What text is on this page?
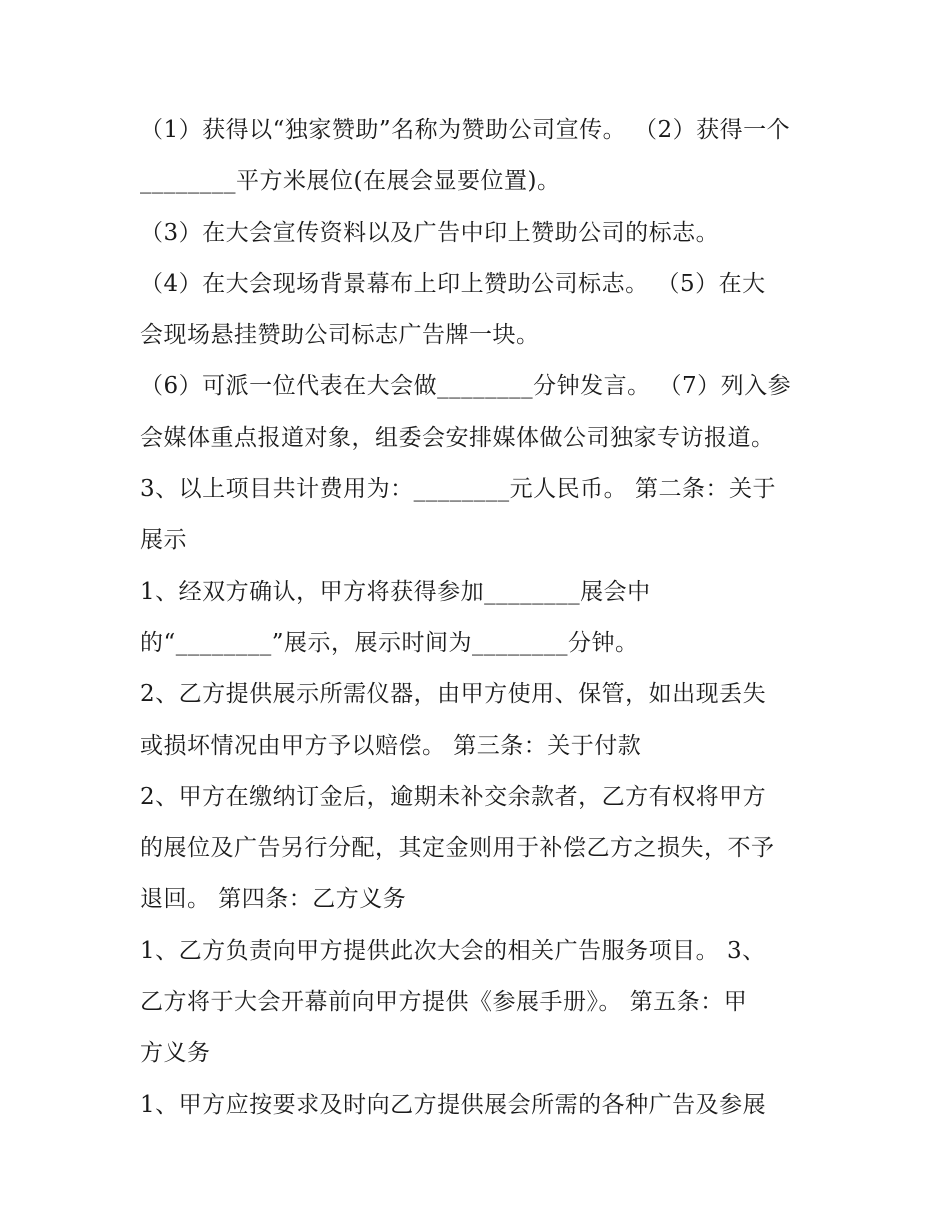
（1）获得以“独家赞助”名称为赞助公司宣传。 （2）获得一个
________平方米展位(在展会显要位置)。
（3）在大会宣传资料以及广告中印上赞助公司的标志。
（4）在大会现场背景幕布上印上赞助公司标志。 （5）在大
会现场悬挂赞助公司标志广告牌一块。
（6）可派一位代表在大会做________分钟发言。 （7）列入参
会媒体重点报道对象，组委会安排媒体做公司独家专访报道。
3、以上项目共计费用为：________元人民币。 第二条：关于
展示
1、经双方确认，甲方将获得参加________展会中
的“________”展示，展示时间为________分钟。
2、乙方提供展示所需仪器，由甲方使用、保管，如出现丢失
或损坏情况由甲方予以赔偿。 第三条：关于付款
2、甲方在缴纳订金后，逾期未补交余款者，乙方有权将甲方
的展位及广告另行分配，其定金则用于补偿乙方之损失，不予
退回。 第四条：乙方义务
1、乙方负责向甲方提供此次大会的相关广告服务项目。 3、
乙方将于大会开幕前向甲方提供《参展手册》。 第五条：甲
方义务
1、甲方应按要求及时向乙方提供展会所需的各种广告及参展
